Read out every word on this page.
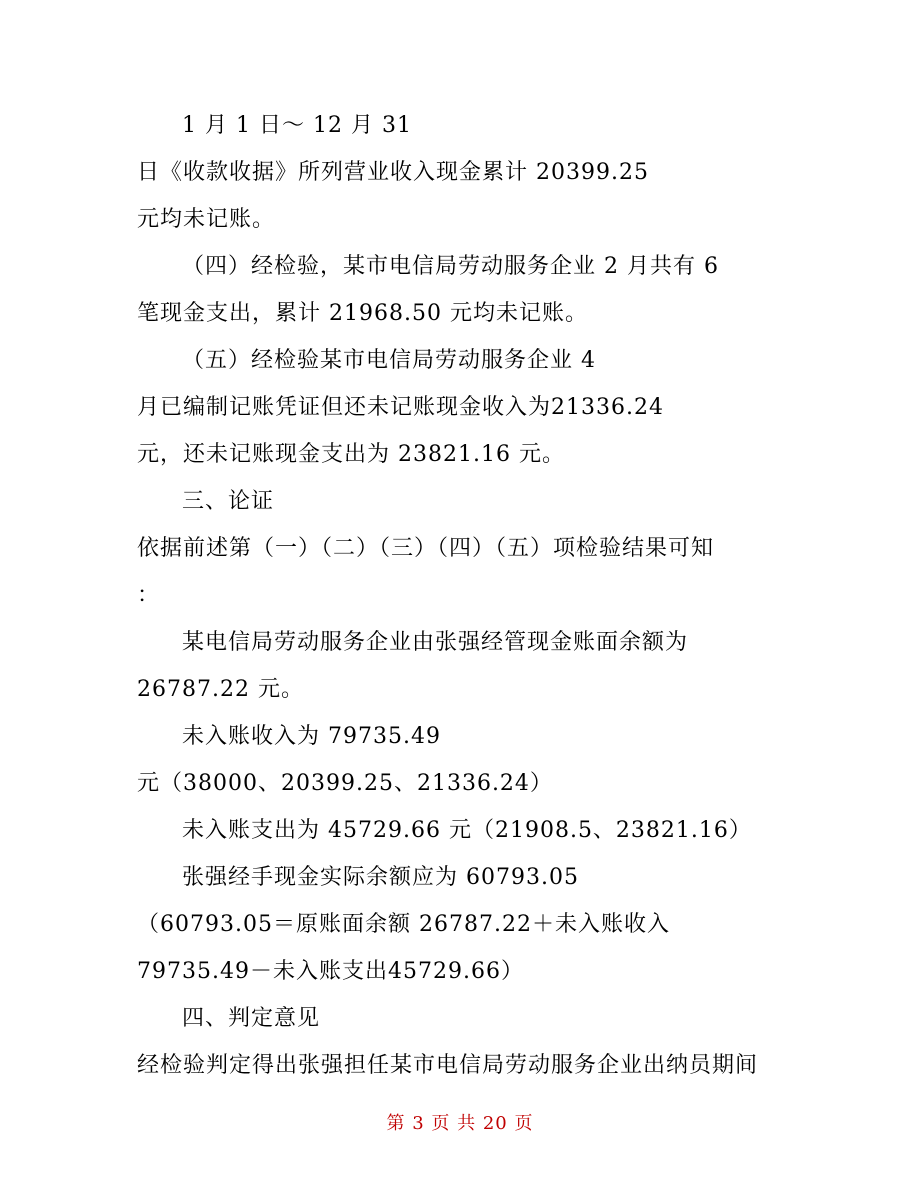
1 月 1 日～ 12 月 31
日《收款收据》所列营业收入现金累计 20399.25
元均未记账。
（四）经检验，某市电信局劳动服务企业 2 月共有 6
笔现金支出，累计 21968.50 元均未记账。
（五）经检验某市电信局劳动服务企业 4
月已编制记账凭证但还未记账现金收入为21336.24
元，还未记账现金支出为 23821.16 元。
三、论证
依据前述第（一）（二）（三）（四）（五）项检验结果可知
：
某电信局劳动服务企业由张强经管现金账面余额为
26787.22 元。
未入账收入为 79735.49
元（38000、20399.25、21336.24）
未入账支出为 45729.66 元（21908.5、23821.16）
张强经手现金实际余额应为 60793.05
（60793.05＝原账面余额 26787.22＋未入账收入
79735.49－未入账支出45729.66）
四、判定意见
经检验判定得出张强担任某市电信局劳动服务企业出纳员期间
第 3 页 共 20 页
